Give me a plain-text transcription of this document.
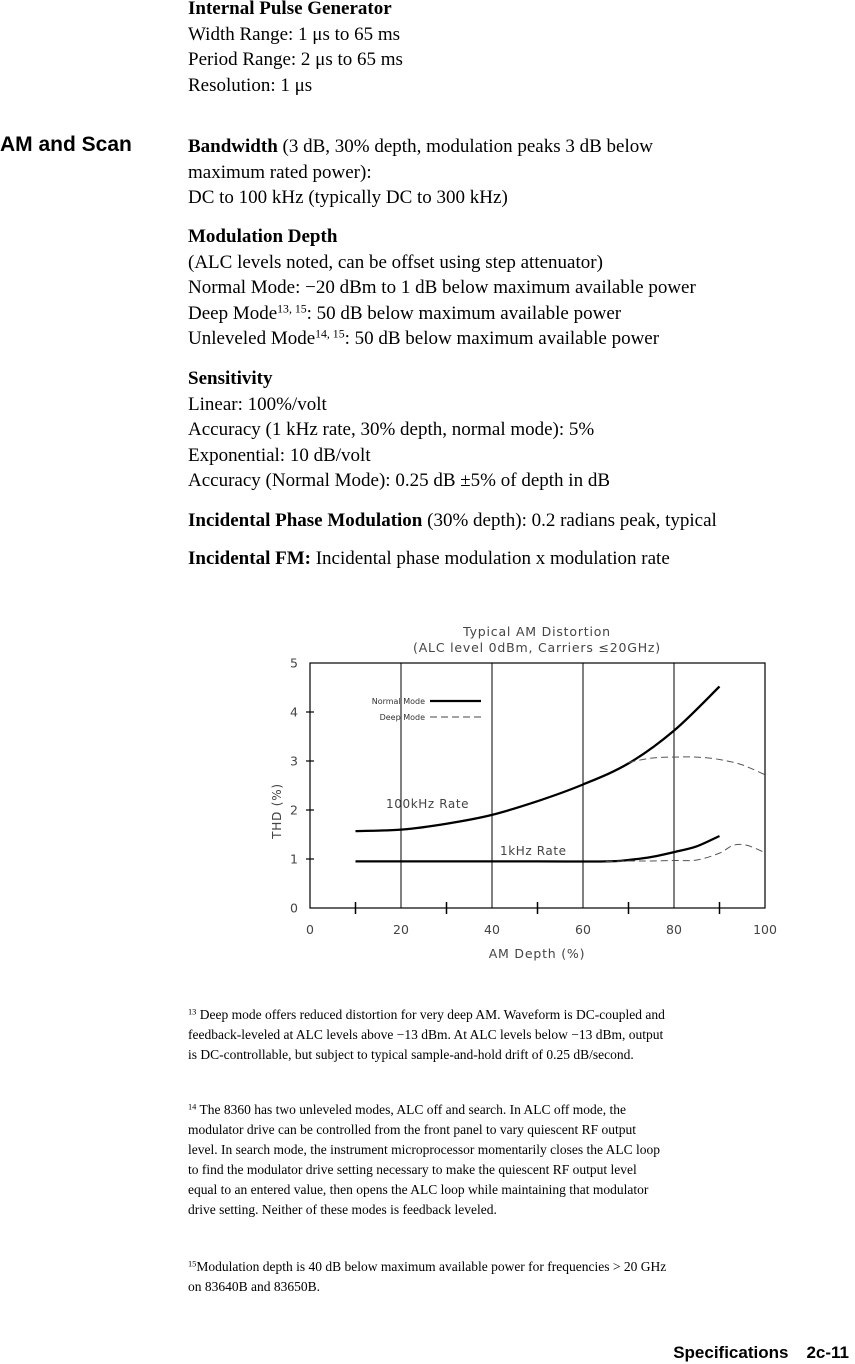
Internal Pulse Generator

Width Range: 1 μs to 65 ms

Period Range: 2 μs to 65 ms

Resolution: 1 μs

AM and Scan	Bandwidth (3 dB, 30% depth, modulation peaks 3 dB below

maximum rated power):

DC to 100 kHz (typically DC to 300 kHz)

Modulation Depth

(ALC levels noted, can be offset using step attenuator)

Normal Mode: −20 dBm to 1 dB below maximum available power

Deep Mode$^{13, 15}$: 50 dB below maximum available power

Unleveled Mode$^{14, 15}$: 50 dB below maximum available power

Sensitivity

Linear: 100%/volt

Accuracy (1 kHz rate, 30% depth, normal mode): 5%

Exponential: 10 dB/volt

Accuracy (Normal Mode): 0.25 dB ±5% of depth in dB

Incidental Phase Modulation (30% depth): 0.2 radians peak, typical

Incidental FM: Incidental phase modulation x modulation rate

Typical AM Distortion
(ALC level 0dBm, Carriers ≤20GHz)
0	20	40	60	80	100
0
1
2
3
4
5
Normal Mode
Deep Mode
100kHz Rate
1kHz Rate
AM Depth (%)
THD (%)

$^{13}$ Deep mode offers reduced distortion for very deep AM. Waveform is DC-coupled and

feedback-leveled at ALC levels above −13 dBm. At ALC levels below −13 dBm, output

is DC-controllable, but subject to typical sample-and-hold drift of 0.25 dB/second.

$^{14}$ The 8360 has two unleveled modes, ALC off and search. In ALC off mode, the

modulator drive can be controlled from the front panel to vary quiescent RF output

level. In search mode, the instrument microprocessor momentarily closes the ALC loop

to find the modulator drive setting necessary to make the quiescent RF output level

equal to an entered value, then opens the ALC loop while maintaining that modulator

drive setting. Neither of these modes is feedback leveled.

$^{15}$Modulation depth is 40 dB below maximum available power for frequencies > 20 GHz

on 83640B and 83650B.

Specifications 2c-11
